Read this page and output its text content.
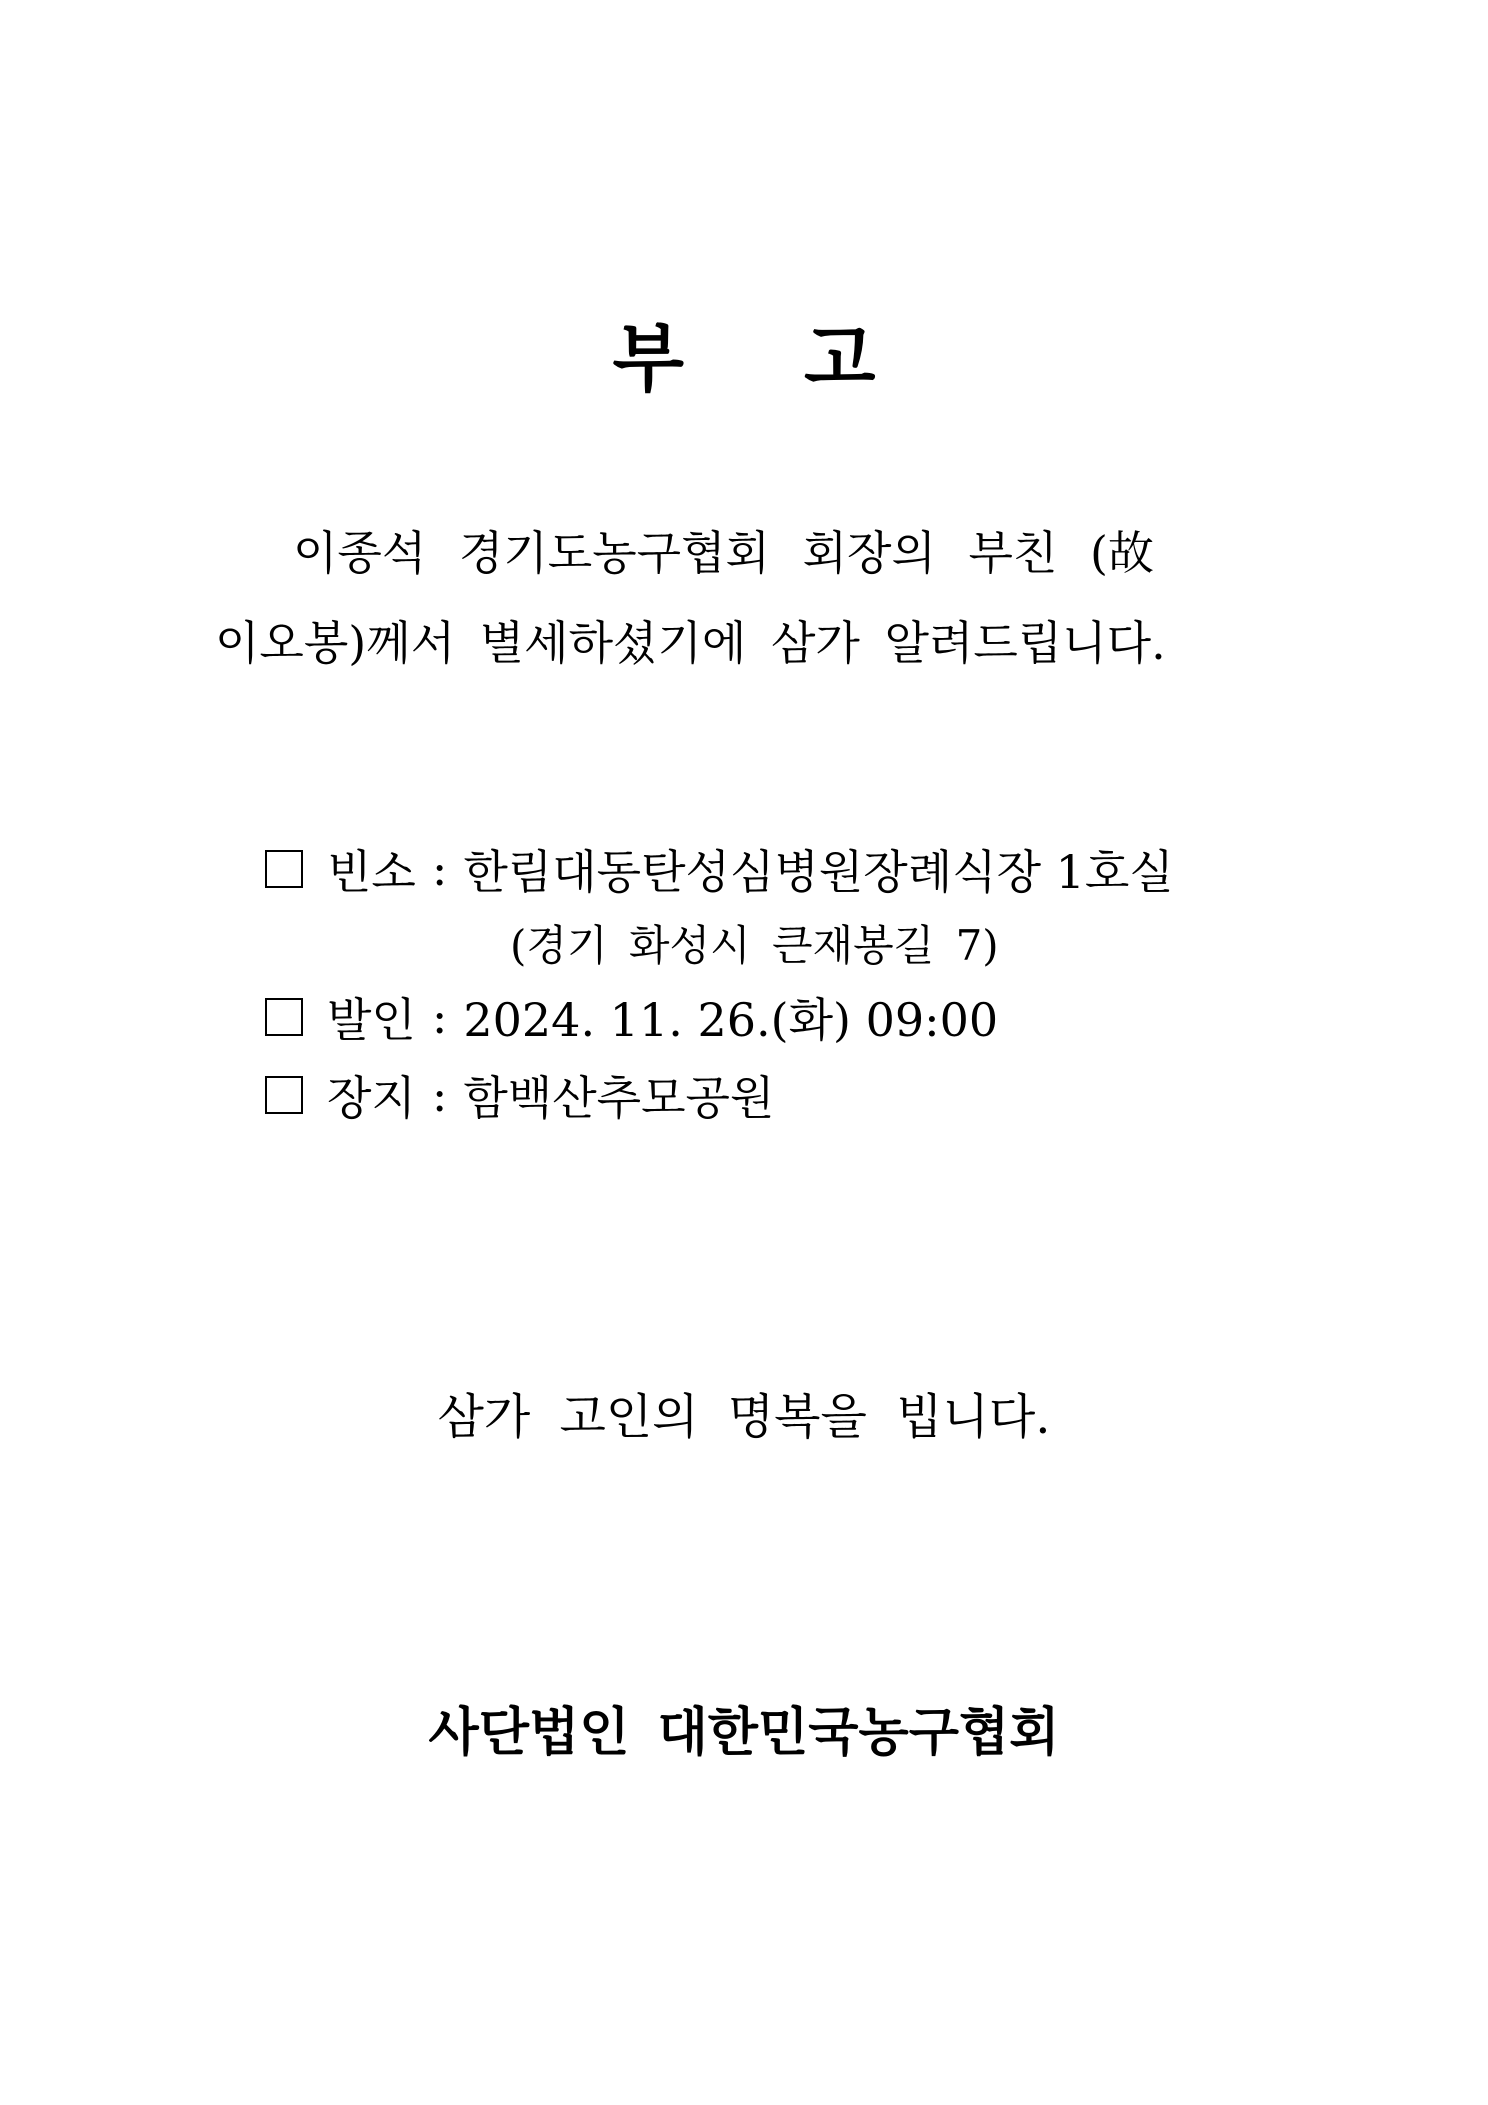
부 고
이종석 경기도농구협회 회장의 부친 (故
이오봉)께서 별세하셨기에 삼가 알려드립니다.
빈소 : 한림대동탄성심병원장례식장 1호실
(경기 화성시 큰재봉길 7)
발인 : 2024. 11. 26.(화) 09:00
장지 : 함백산추모공원
삼가 고인의 명복을 빕니다.
사단법인 대한민국농구협회
